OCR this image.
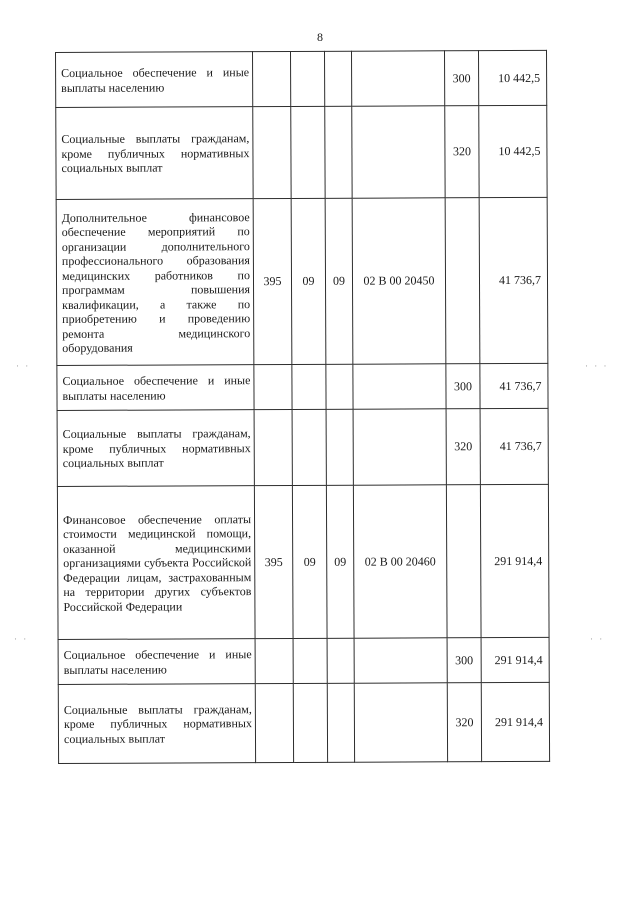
8
Социальное обеспечение и иные выплаты населению					300	10 442,5
Социальные выплаты гражданам, кроме публичных нормативных социальных выплат					320	10 442,5
Дополнительное финансовое обеспечение мероприятий по организации дополнительного профессионального образования медицинских работников по программам повышения квалификации, а также по приобретению и проведению ремонта медицинского оборудования	395	09	09	02 В 00 20450		41 736,7
Социальное обеспечение и иные выплаты населению					300	41 736,7
Социальные выплаты гражданам, кроме публичных нормативных социальных выплат					320	41 736,7
Финансовое обеспечение оплаты стоимости медицинской помощи, оказанной медицинскими организациями субъекта Российской Федерации лицам, застрахованным на территории других субъектов Российской Федерации	395	09	09	02 В 00 20460		291 914,4
Социальное обеспечение и иные выплаты населению					300	291 914,4
Социальные выплаты гражданам, кроме публичных нормативных социальных выплат					320	291 914,4
· ·	· · ·
· ·	· ·
